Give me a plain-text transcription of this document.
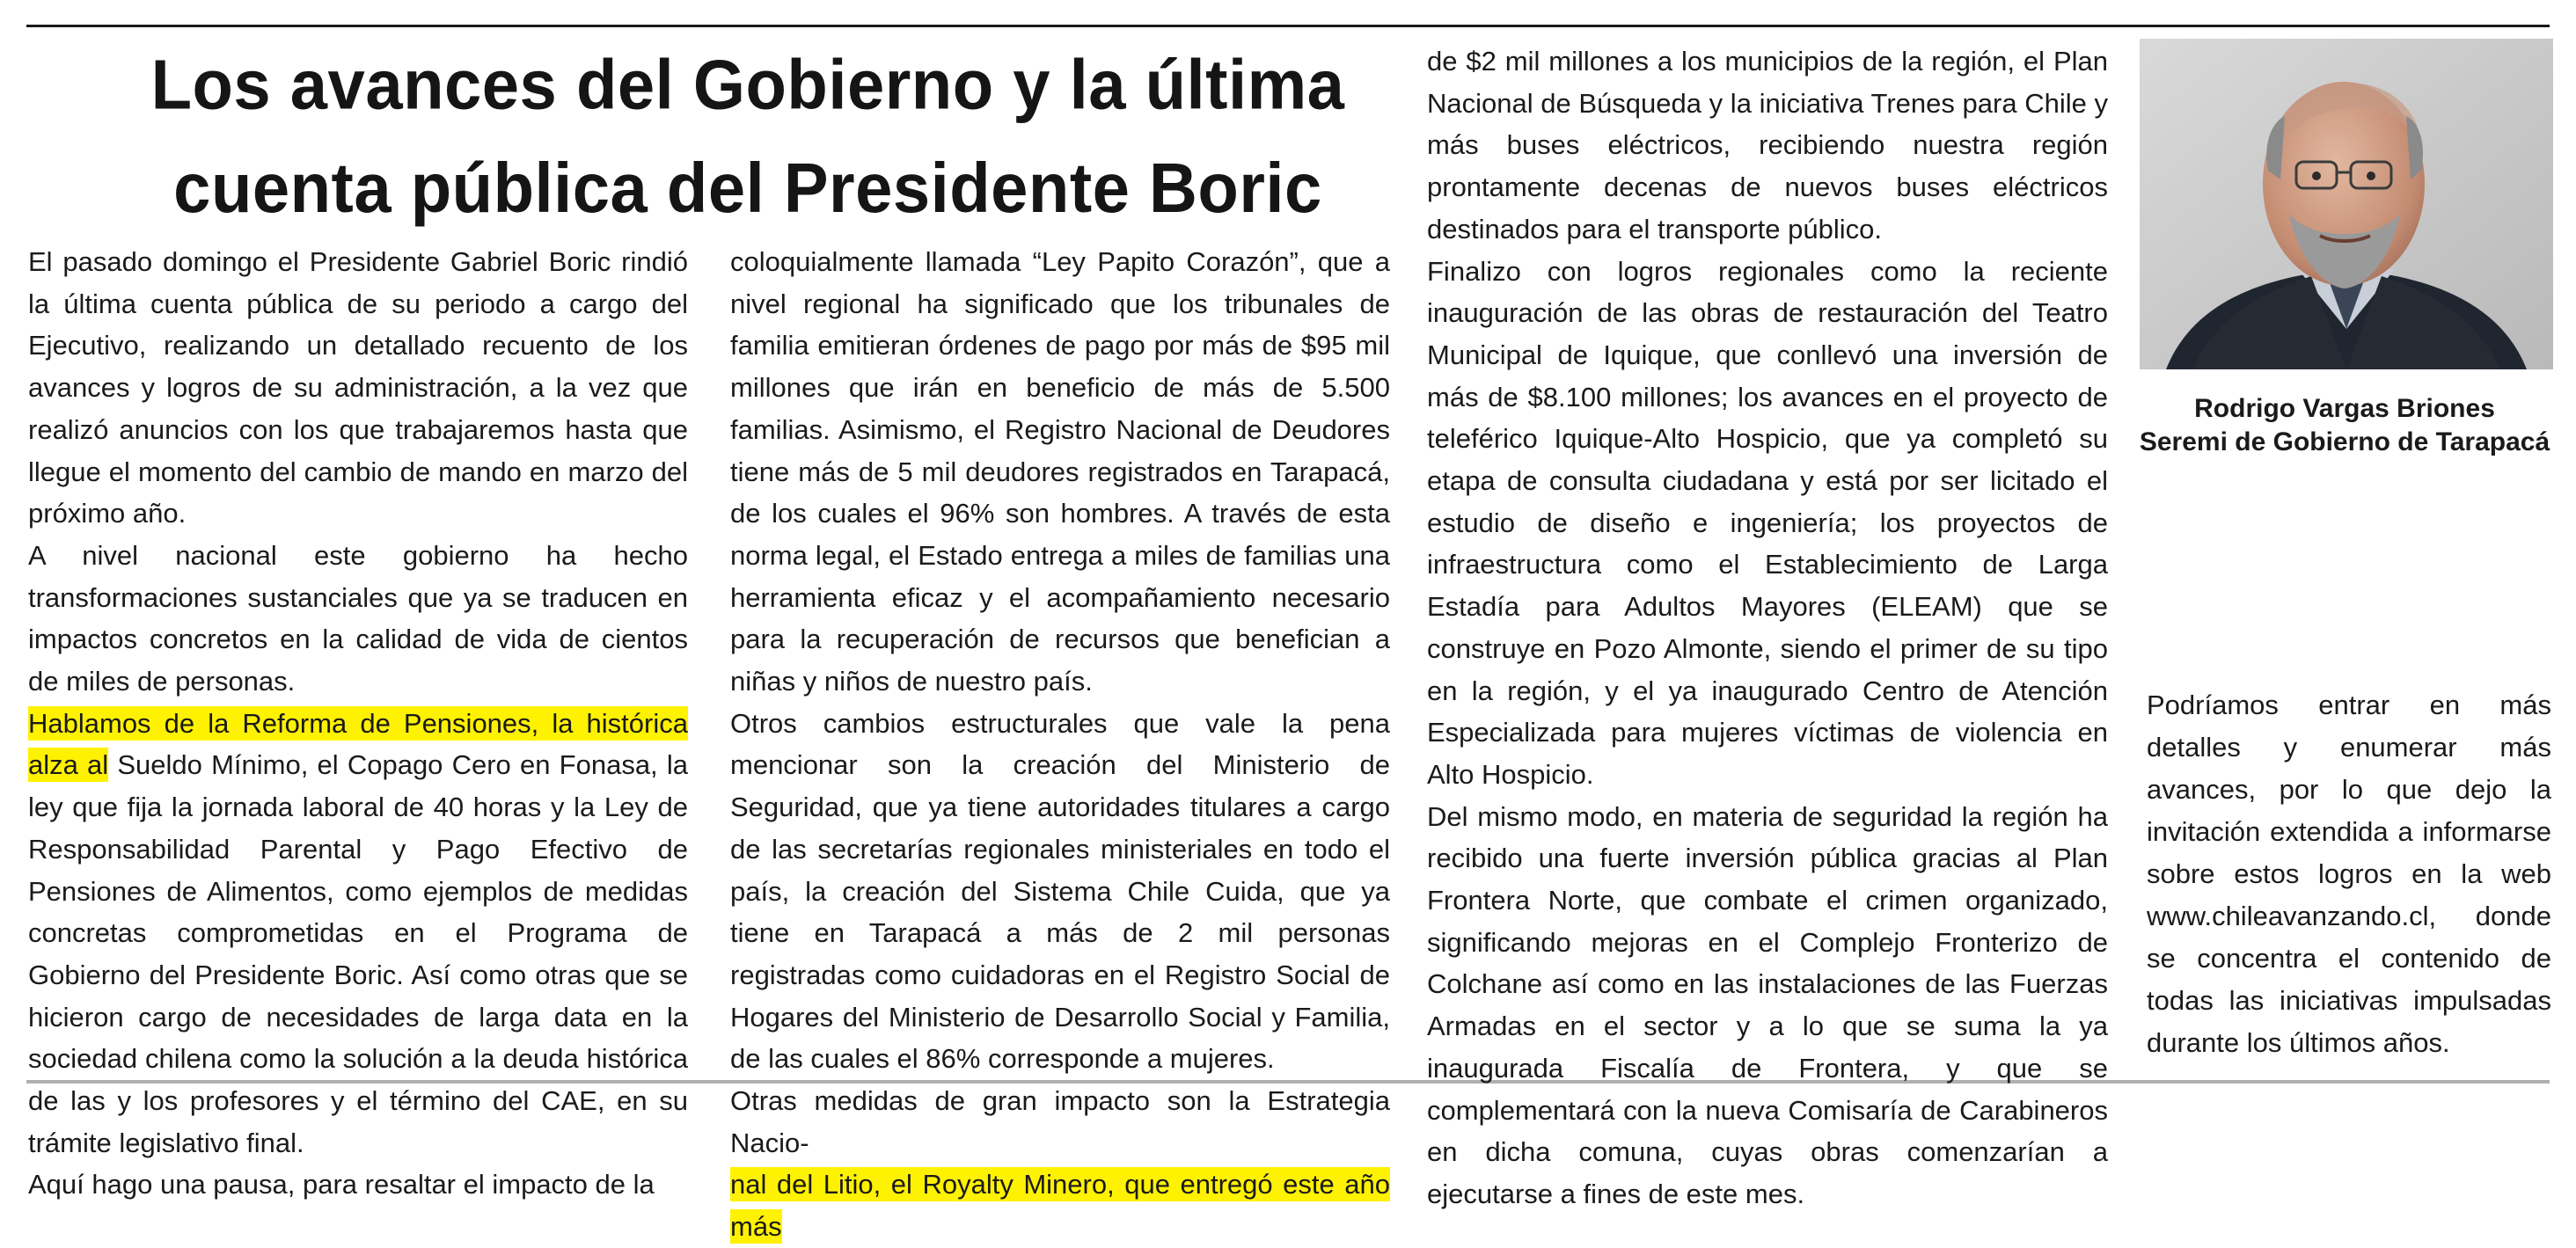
Los avances del Gobierno y la última cuenta pública del Presidente Boric

El pasado domingo el Presidente Gabriel Boric rindió la última cuenta pública de su periodo a cargo del Ejecutivo, realizando un detallado recuento de los avances y logros de su administración, a la vez que realizó anuncios con los que trabajaremos hasta que llegue el momento del cambio de mando en marzo del próximo año.

A nivel nacional este gobierno ha hecho transformaciones sustanciales que ya se traducen en impactos concretos en la calidad de vida de cientos de miles de personas.

Hablamos de la Reforma de Pensiones, la histórica alza al Sueldo Mínimo, el Copago Cero en Fonasa, la ley que fija la jornada laboral de 40 horas y la Ley de Responsabilidad Parental y Pago Efectivo de Pensiones de Alimentos, como ejemplos de medidas concretas comprometidas en el Programa de Gobierno del Presidente Boric. Así como otras que se hicieron cargo de necesidades de larga data en la sociedad chilena como la solución a la deuda histórica de las y los profesores y el término del CAE, en su trámite legislativo final.

Aquí hago una pausa, para resaltar el impacto de la

coloquialmente llamada “Ley Papito Corazón”, que a nivel regional ha significado que los tribunales de familia emitieran órdenes de pago por más de $95 mil millones que irán en beneficio de más de 5.500 familias. Asimismo, el Registro Nacional de Deudores tiene más de 5 mil deudores registrados en Tarapacá, de los cuales el 96% son hombres. A través de esta norma legal, el Estado entrega a miles de familias una herramienta eficaz y el acompañamiento necesario para la recuperación de recursos que benefician a niñas y niños de nuestro país.

Otros cambios estructurales que vale la pena mencionar son la creación del Ministerio de Seguridad, que ya tiene autoridades titulares a cargo de las secretarías regionales ministeriales en todo el país, la creación del Sistema Chile Cuida, que ya tiene en Tarapacá a más de 2 mil personas registradas como cuidadoras en el Registro Social de Hogares del Ministerio de Desarrollo Social y Familia, de las cuales el 86% corresponde a mujeres.

Otras medidas de gran impacto son la Estrategia Nacio-
nal del Litio, el Royalty Minero, que entregó este año más

de $2 mil millones a los municipios de la región, el Plan Nacional de Búsqueda y la iniciativa Trenes para Chile y más buses eléctricos, recibiendo nuestra región prontamente decenas de nuevos buses eléctricos destinados para el transporte público.

Finalizo con logros regionales como la reciente inauguración de las obras de restauración del Teatro Municipal de Iquique, que conllevó una inversión de más de $8.100 millones; los avances en el proyecto de teleférico Iquique-Alto Hospicio, que ya completó su etapa de consulta ciudadana y está por ser licitado el estudio de diseño e ingeniería; los proyectos de infraestructura como el Establecimiento de Larga Estadía para Adultos Mayores (ELEAM) que se construye en Pozo Almonte, siendo el primer de su tipo en la región, y el ya inaugurado Centro de Atención Especializada para mujeres víctimas de violencia en Alto Hospicio.

Del mismo modo, en materia de seguridad la región ha recibido una fuerte inversión pública gracias al Plan Frontera Norte, que combate el crimen organizado, significando mejoras en el Complejo Fronterizo de Colchane así como en las instalaciones de las Fuerzas Armadas en el sector y a lo que se suma la ya inaugurada Fiscalía de Frontera, y que se complementará con la nueva Comisaría de Carabineros en dicha comuna, cuyas obras comenzarían a ejecutarse a fines de este mes.

Rodrigo Vargas Briones
Seremi de Gobierno de Tarapacá

Podríamos entrar en más detalles y enumerar más avances, por lo que dejo la invitación extendida a informarse sobre estos logros en la web www.chileavanzando.cl, donde se concentra el contenido de todas las iniciativas impulsadas durante los últimos años.
